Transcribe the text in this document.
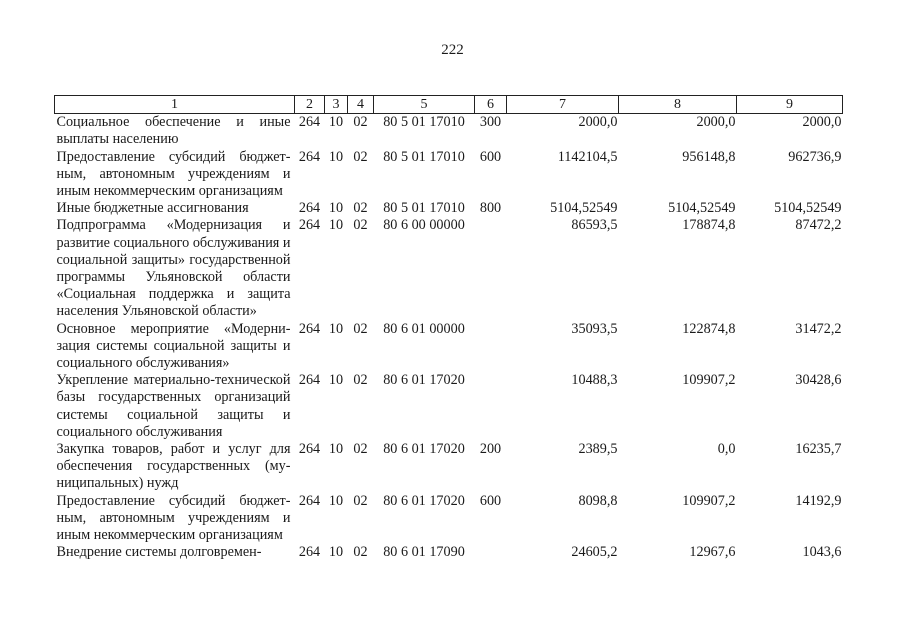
222
1	2	3	4	5	6	7	8	9
Социальное обеспечение и иные выплаты населению	264	10	02	80 5 01 17010	300	2000,0	2000,0	2000,0
Предоставление субсидий бюджетным, автономным учреждениям и иным некоммерческим организациям	264	10	02	80 5 01 17010	600	1142104,5	956148,8	962736,9
Иные бюджетные ассигнования	264	10	02	80 5 01 17010	800	5104,52549	5104,52549	5104,52549
Подпрограмма «Модернизация и развитие социального обслуживания и социальной защиты» государственной программы Ульяновской области «Социальная поддержка и защита населения Ульяновской области»	264	10	02	80 6 00 00000		86593,5	178874,8	87472,2
Основное мероприятие «Модернизация системы социальной защиты и социального обслуживания»	264	10	02	80 6 01 00000		35093,5	122874,8	31472,2
Укрепление материально-технической базы государственных организаций системы социальной защиты и социального обслуживания	264	10	02	80 6 01 17020		10488,3	109907,2	30428,6
Закупка товаров, работ и услуг для обеспечения государственных (муниципальных) нужд	264	10	02	80 6 01 17020	200	2389,5	0,0	16235,7
Предоставление субсидий бюджетным, автономным учреждениям и иным некоммерческим организациям	264	10	02	80 6 01 17020	600	8098,8	109907,2	14192,9
Внедрение системы долговремен-	264	10	02	80 6 01 17090		24605,2	12967,6	1043,6
